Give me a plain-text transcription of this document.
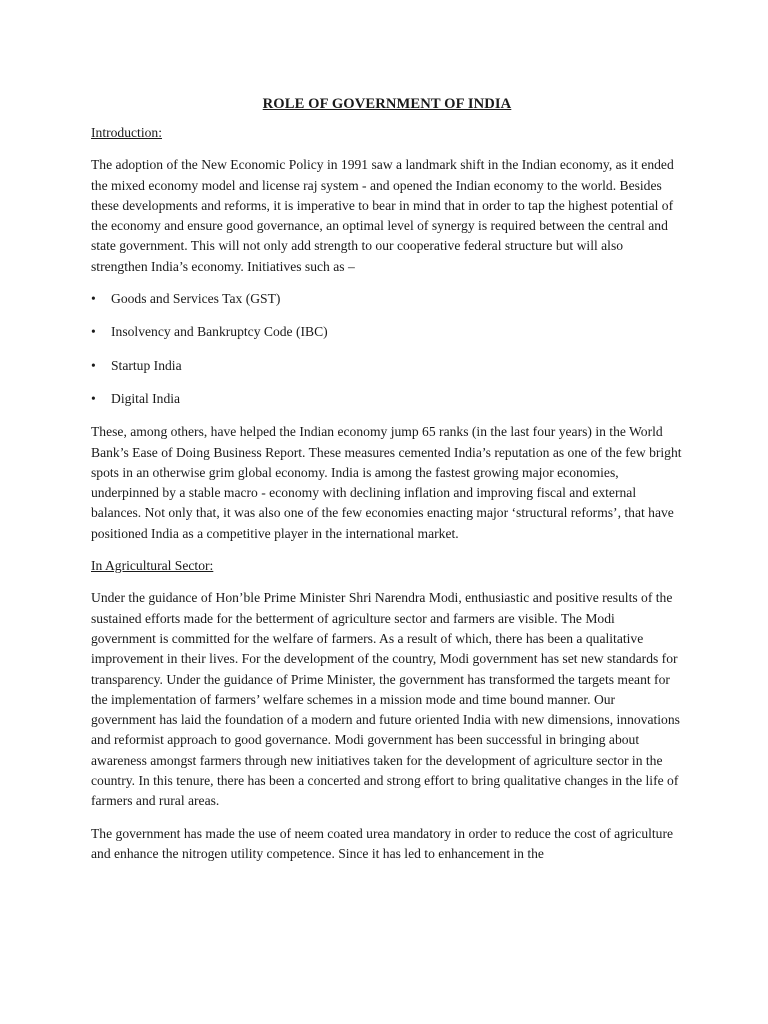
ROLE OF GOVERNMENT OF INDIA
Introduction:

The adoption of the New Economic Policy in 1991 saw a landmark shift in the Indian economy, as it ended the mixed economy model and license raj system - and opened the Indian economy to the world. Besides these developments and reforms, it is imperative to bear in mind that in order to tap the highest potential of the economy and ensure good governance, an optimal level of synergy is required between the central and state government. This will not only add strength to our cooperative federal structure but will also strengthen India’s economy. Initiatives such as –

• Goods and Services Tax (GST)
• Insolvency and Bankruptcy Code (IBC)
• Startup India
• Digital India

These, among others, have helped the Indian economy jump 65 ranks (in the last four years) in the World Bank’s Ease of Doing Business Report. These measures cemented India’s reputation as one of the few bright spots in an otherwise grim global economy. India is among the fastest growing major economies, underpinned by a stable macro - economy with declining inflation and improving fiscal and external balances. Not only that, it was also one of the few economies enacting major ‘structural reforms’, that have positioned India as a competitive player in the international market.

In Agricultural Sector:

Under the guidance of Hon’ble Prime Minister Shri Narendra Modi, enthusiastic and positive results of the sustained efforts made for the betterment of agriculture sector and farmers are visible. The Modi government is committed for the welfare of farmers. As a result of which, there has been a qualitative improvement in their lives. For the development of the country, Modi government has set new standards for transparency. Under the guidance of Prime Minister, the government has transformed the targets meant for the implementation of farmers’ welfare schemes in a mission mode and time bound manner. Our government has laid the foundation of a modern and future oriented India with new dimensions, innovations and reformist approach to good governance. Modi government has been successful in bringing about awareness amongst farmers through new initiatives taken for the development of agriculture sector in the country. In this tenure, there has been a concerted and strong effort to bring qualitative changes in the life of farmers and rural areas.

The government has made the use of neem coated urea mandatory in order to reduce the cost of agriculture and enhance the nitrogen utility competence. Since it has led to enhancement in the
